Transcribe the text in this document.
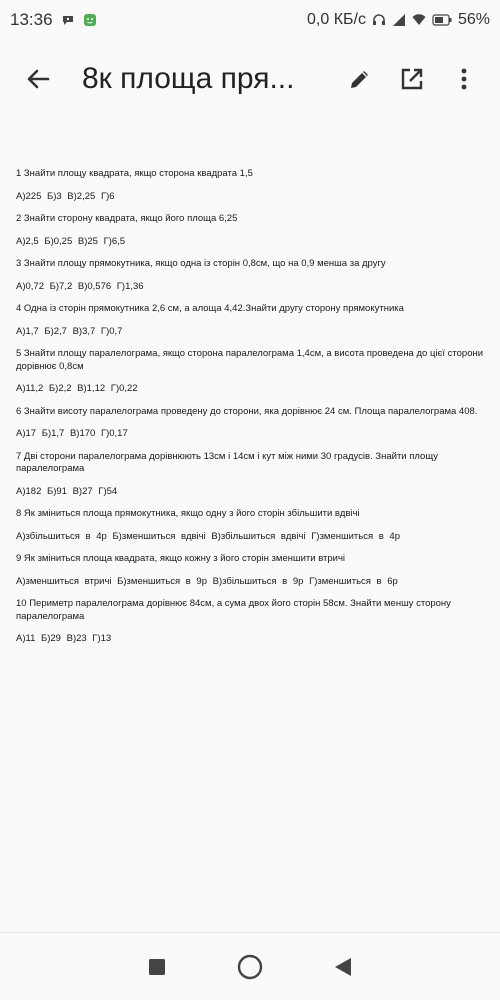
13:36	0,0 КБ/с	56%
8к площа пря...

1 Знайти площу квадрата, якщо сторона квадрата 1,5

А)225 Б)3 В)2,25 Г)6

2 Знайти сторону квадрата, якщо його площа 6,25

А)2,5 Б)0,25 В)25 Г)6,5

3 Знайти площу прямокутника, якщо одна із сторін 0,8см, що на 0,9 менша за другу

А)0,72 Б)7,2 В)0,576 Г)1,36

4 Одна із сторін прямокутника 2,6 см, а алоща 4,42.Знайти другу сторону прямокутника

А)1,7 Б)2,7 В)3,7 Г)0,7

5 Знайти площу паралелограма, якщо сторона паралелограма 1,4см, а висота проведена до цієї сторони дорівнює 0,8см

А)11,2 Б)2,2 В)1,12 Г)0,22

6 Знайти висоту паралелограма проведену до сторони, яка дорівнює 24 см. Площа паралелограма 408.

А)17 Б)1,7 В)170 Г)0,17

7 Дві сторони паралелограма дорівнюють 13см і 14см і кут між ними 30 градусів. Знайти площу паралелограма

А)182 Б)91 В)27 Г)54

8 Як зміниться площа прямокутника, якщо одну з його сторін збільшити вдвічі

А)збільшиться в 4р Б)зменшиться вдвічі В)збільшиться вдвічі Г)зменшиться в 4р

9 Як зміниться площа квадрата, якщо кожну з його сторін зменшити втричі

А)зменшиться втричі Б)зменшиться в 9р В)збільшиться в 9р Г)зменшиться в 6р

10 Периметр паралелограма дорівнює 84см, а сума двох його сторін 58см. Знайти меншу сторону паралелограма

А)11 Б)29 В)23 Г)13
